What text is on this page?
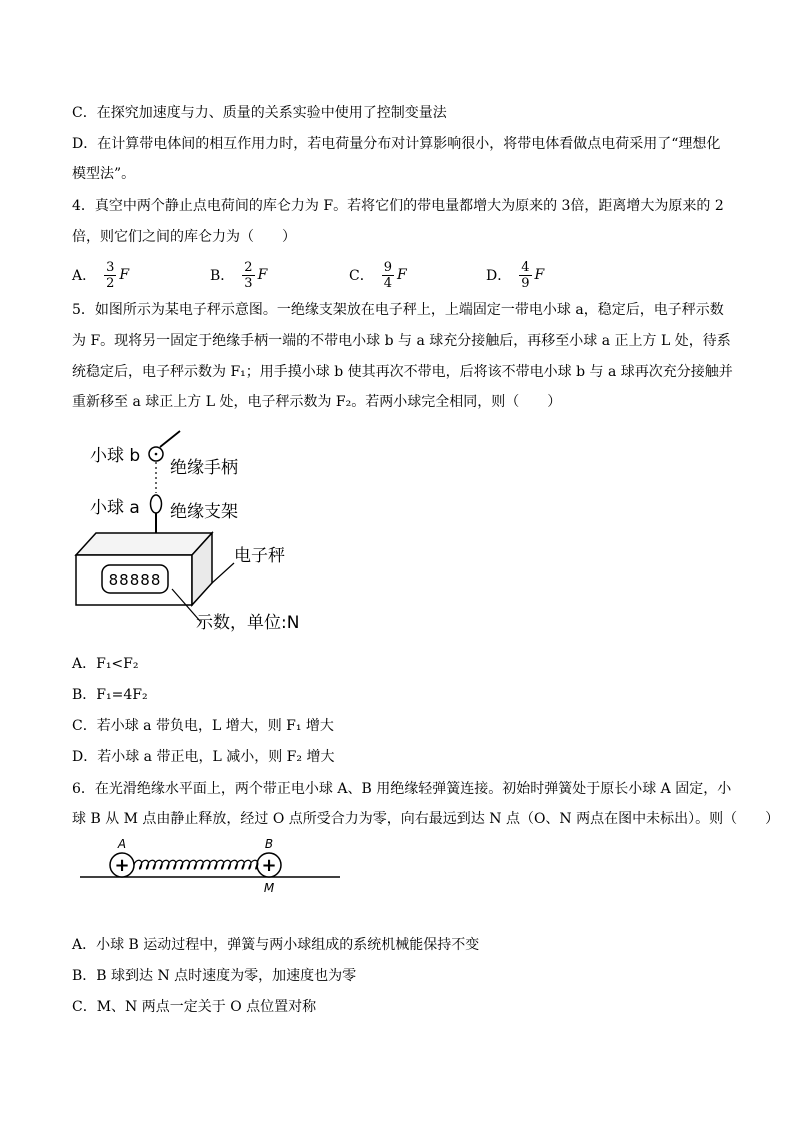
C．在探究加速度与力、质量的关系实验中使用了控制变量法
D．在计算带电体间的相互作用力时，若电荷量分布对计算影响很小，将带电体看做点电荷采用了“理想化
模型法”。
4．真空中两个静止点电荷间的库仑力为 F。若将它们的带电量都增大为原来的 3倍，距离增大为原来的 2
倍，则它们之间的库仑力为（　　）
A． $\frac{3}{2}$ F	B． $\frac{2}{3}$ F	C． $\frac{9}{4}$ F	D． $\frac{4}{9}$ F
5．如图所示为某电子秤示意图。一绝缘支架放在电子秤上，上端固定一带电小球 a，稳定后，电子秤示数
为 F。现将另一固定于绝缘手柄一端的不带电小球 b 与 a 球充分接触后，再移至小球 a 正上方 L 处，待系
统稳定后，电子秤示数为 F₁；用手摸小球 b 使其再次不带电，后将该不带电小球 b 与 a 球再次充分接触并
重新移至 a 球正上方 L 处，电子秤示数为 F₂。若两小球完全相同，则（　　）
88888
小球 b
绝缘手柄
小球 a 绝缘支架
电子秤
示数，单位:N
A．F₁<F₂
B．F₁=4F₂
C．若小球 a 带负电，L 增大，则 F₁ 增大
D．若小球 a 带正电，L 减小，则 F₂ 增大
6．在光滑绝缘水平面上，两个带正电小球 A、B 用绝缘轻弹簧连接。初始时弹簧处于原长小球 A 固定，小
球 B 从 M 点由静止释放，经过 O 点所受合力为零，向右最远到达 N 点（O、N 两点在图中未标出）。则（　　）
+	+
A	B
M
A．小球 B 运动过程中，弹簧与两小球组成的系统机械能保持不变
B．B 球到达 N 点时速度为零，加速度也为零
C．M、N 两点一定关于 O 点位置对称
